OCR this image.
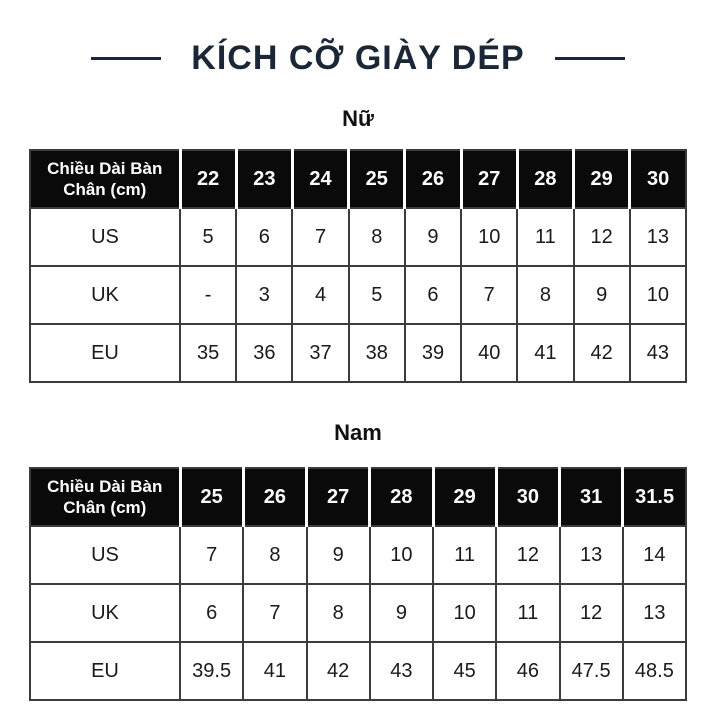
KÍCH CỠ GIÀY DÉP
Nữ
Chiều Dài Bàn Chân (cm)	22	23	24	25	26	27	28	29	30
US	5	6	7	8	9	10	11	12	13
UK	-	3	4	5	6	7	8	9	10
EU	35	36	37	38	39	40	41	42	43
Nam
Chiều Dài Bàn Chân (cm)	25	26	27	28	29	30	31	31.5
US	7	8	9	10	11	12	13	14
UK	6	7	8	9	10	11	12	13
EU	39.5	41	42	43	45	46	47.5	48.5
